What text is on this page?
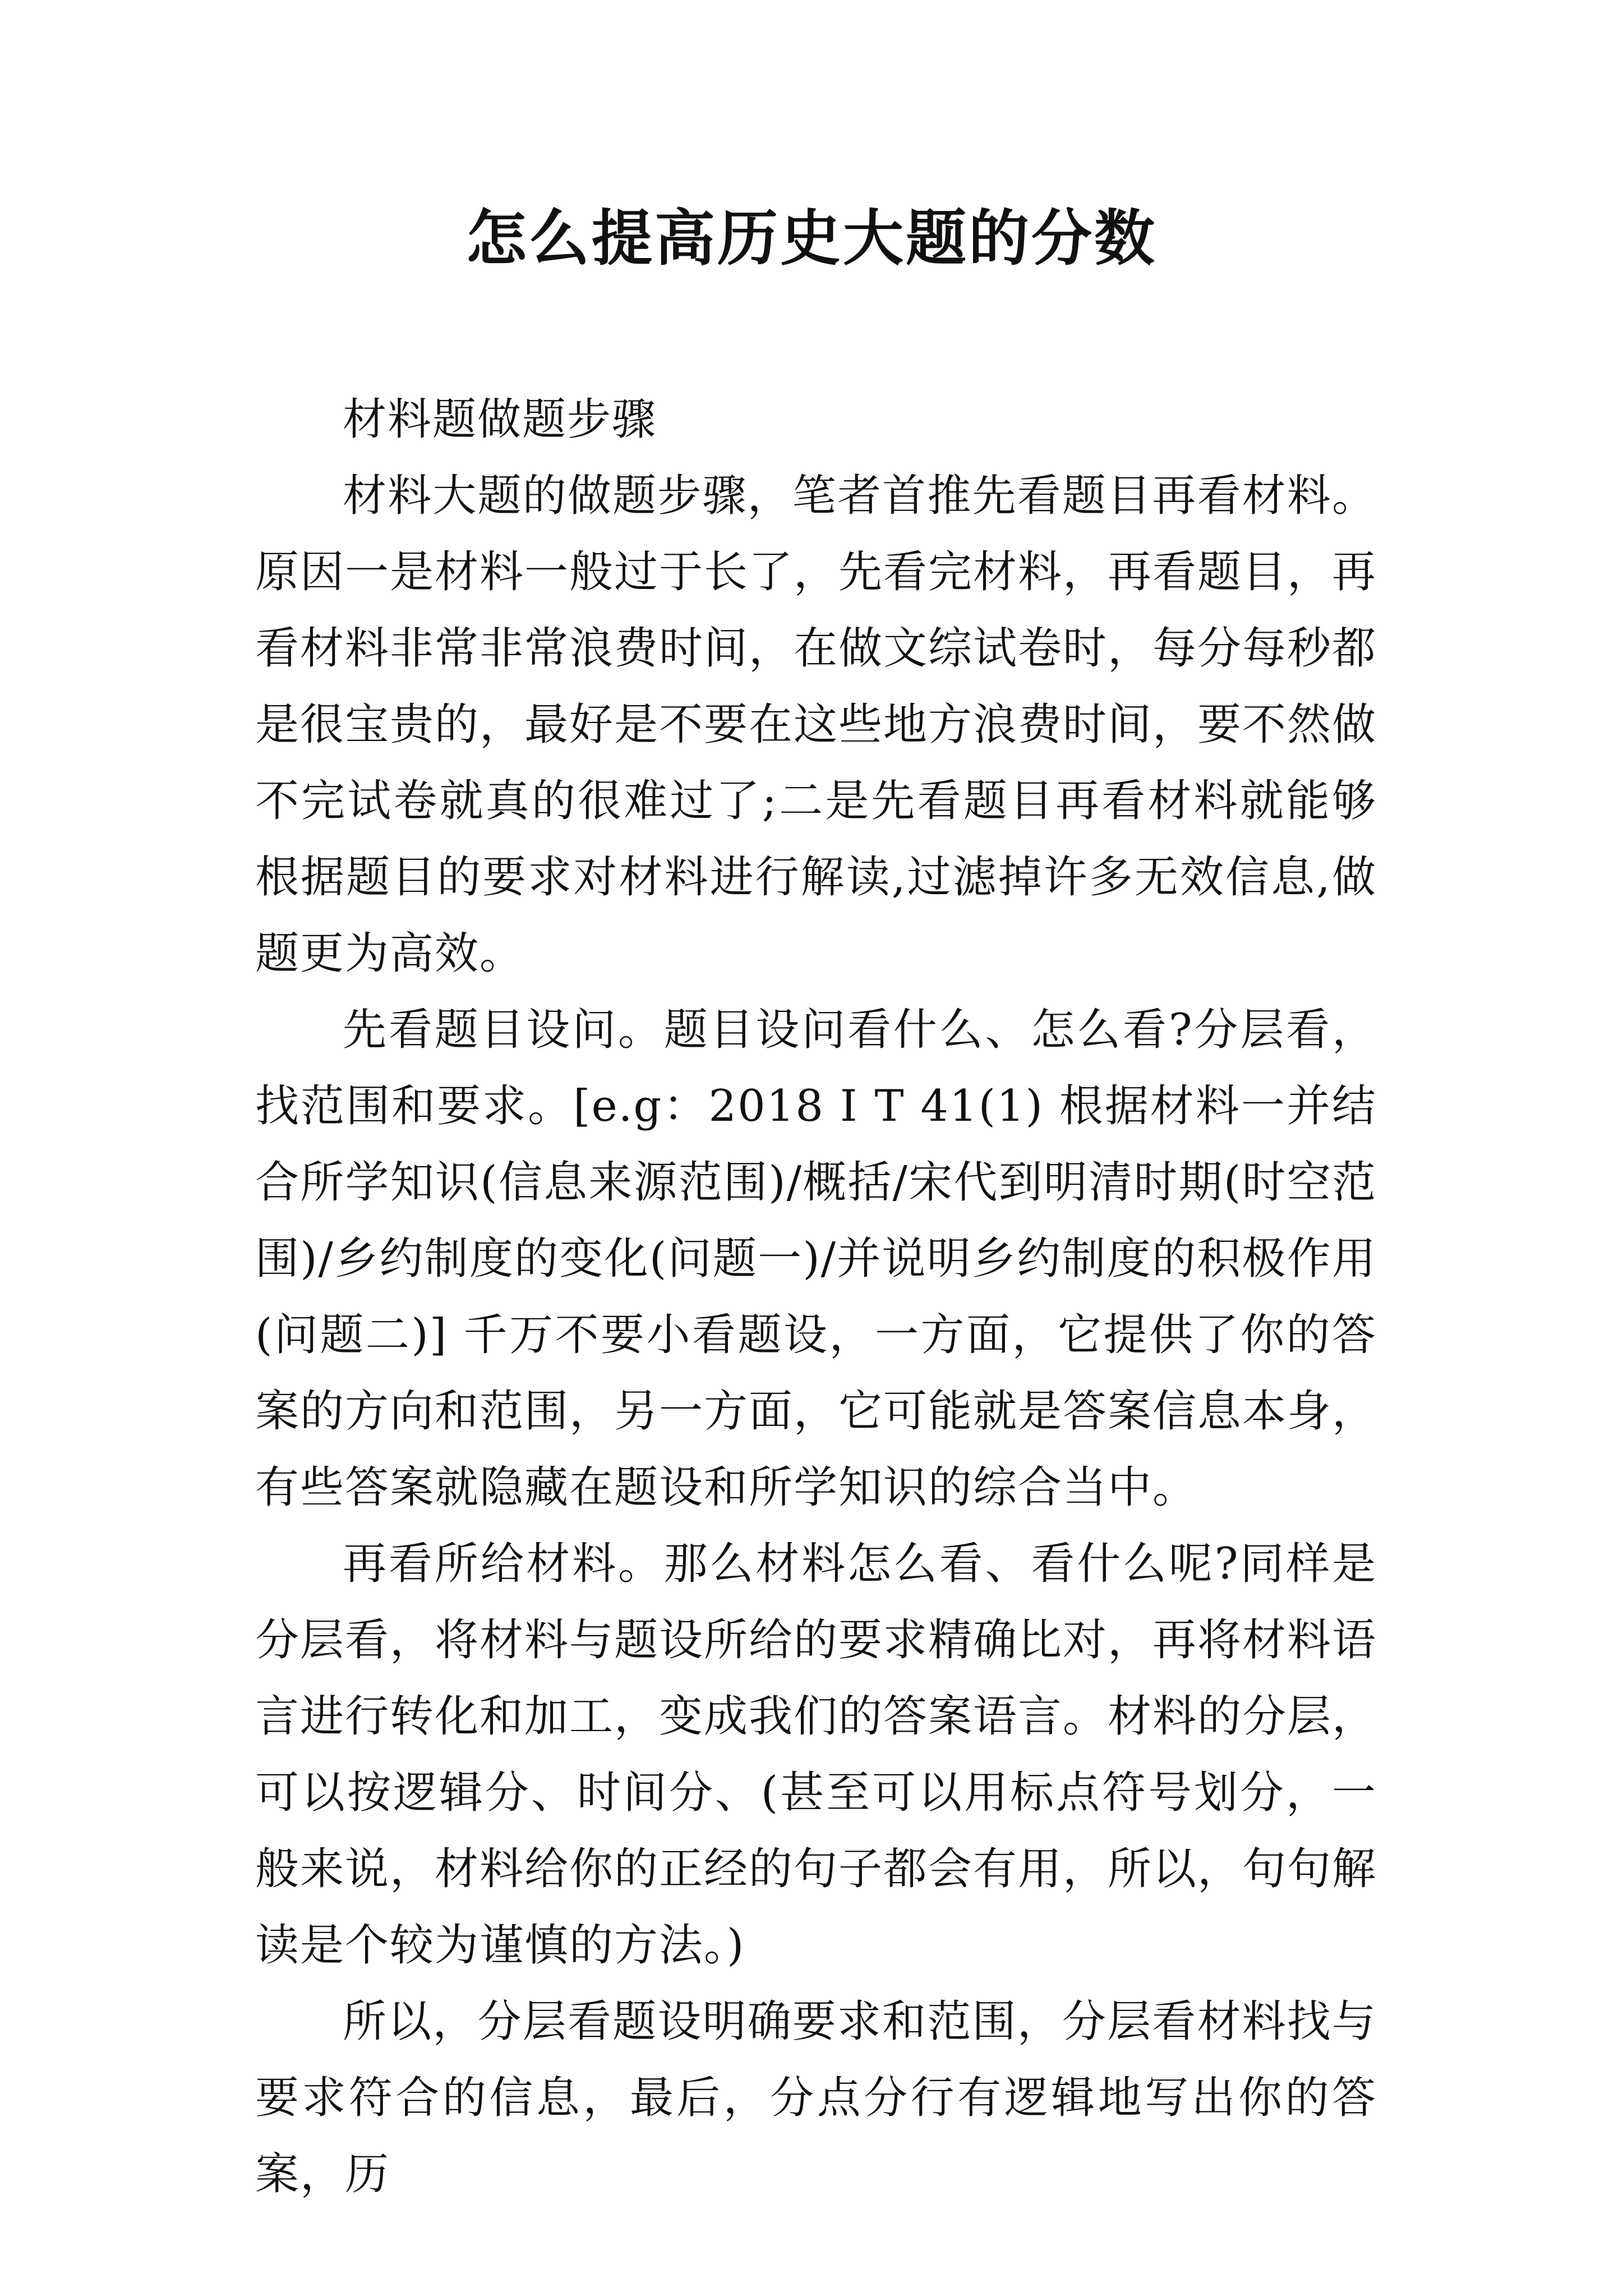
怎么提高历史大题的分数

材料题做题步骤

材料大题的做题步骤，笔者首推先看题目再看材料。原因一是材料一般过于长了，先看完材料，再看题目，再看材料非常非常浪费时间，在做文综试卷时，每分每秒都是很宝贵的，最好是不要在这些地方浪费时间，要不然做不完试卷就真的很难过了;二是先看题目再看材料就能够根据题目的要求对材料进行解读,过滤掉许多无效信息,做题更为高效。

先看题目设问。题目设问看什么、怎么看?分层看，找范围和要求。[e.g：2018 Ⅰ T 41(1) 根据材料一并结合所学知识(信息来源范围)/概括/宋代到明清时期(时空范围)/乡约制度的变化(问题一)/并说明乡约制度的积极作用(问题二)] 千万不要小看题设，一方面，它提供了你的答案的方向和范围，另一方面，它可能就是答案信息本身，有些答案就隐藏在题设和所学知识的综合当中。

再看所给材料。那么材料怎么看、看什么呢?同样是分层看，将材料与题设所给的要求精确比对，再将材料语言进行转化和加工，变成我们的答案语言。材料的分层，可以按逻辑分、时间分、(甚至可以用标点符号划分，一般来说，材料给你的正经的句子都会有用，所以，句句解读是个较为谨慎的方法。)

所以，分层看题设明确要求和范围，分层看材料找与要求符合的信息，最后，分点分行有逻辑地写出你的答案，历
